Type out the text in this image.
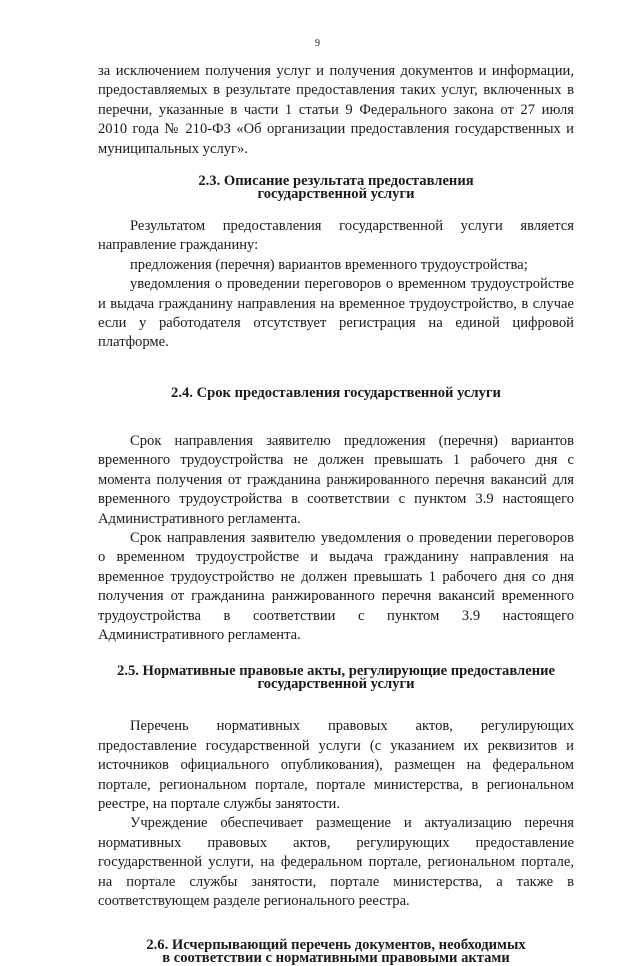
9

за исключением получения услуг и получения документов и информации, предоставляемых в результате предоставления таких услуг, включенных в перечни, указанные в части 1 статьи 9 Федерального закона от 27 июля 2010 года № 210-ФЗ «Об организации предоставления государственных и муниципальных услуг».

2.3. Описание результата предоставления
государственной услуги

Результатом предоставления государственной услуги является направление гражданину:

предложения (перечня) вариантов временного трудоустройства;

уведомления о проведении переговоров о временном трудоустройстве и выдача гражданину направления на временное трудоустройство, в случае если у работодателя отсутствует регистрация на единой цифровой платформе.

2.4. Срок предоставления государственной услуги

Срок направления заявителю предложения (перечня) вариантов временного трудоустройства не должен превышать 1 рабочего дня с момента получения от гражданина ранжированного перечня вакансий для временного трудоустройства в соответствии с пунктом 3.9 настоящего Административного регламента.

Срок направления заявителю уведомления о проведении переговоров о временном трудоустройстве и выдача гражданину направления на временное трудоустройство не должен превышать 1 рабочего дня со дня получения от гражданина ранжированного перечня вакансий временного трудоустройства в соответствии с пунктом 3.9 настоящего Административного регламента.

2.5. Нормативные правовые акты, регулирующие предоставление
государственной услуги

Перечень нормативных правовых актов, регулирующих предоставление государственной услуги (с указанием их реквизитов и источников официального опубликования), размещен на федеральном портале, региональном портале, портале министерства, в региональном реестре, на портале службы занятости.

Учреждение обеспечивает размещение и актуализацию перечня нормативных правовых актов, регулирующих предоставление государственной услуги, на федеральном портале, региональном портале, на портале службы занятости, портале министерства, а также в соответствующем разделе регионального реестра.

2.6. Исчерпывающий перечень документов, необходимых
в соответствии с нормативными правовыми актами
